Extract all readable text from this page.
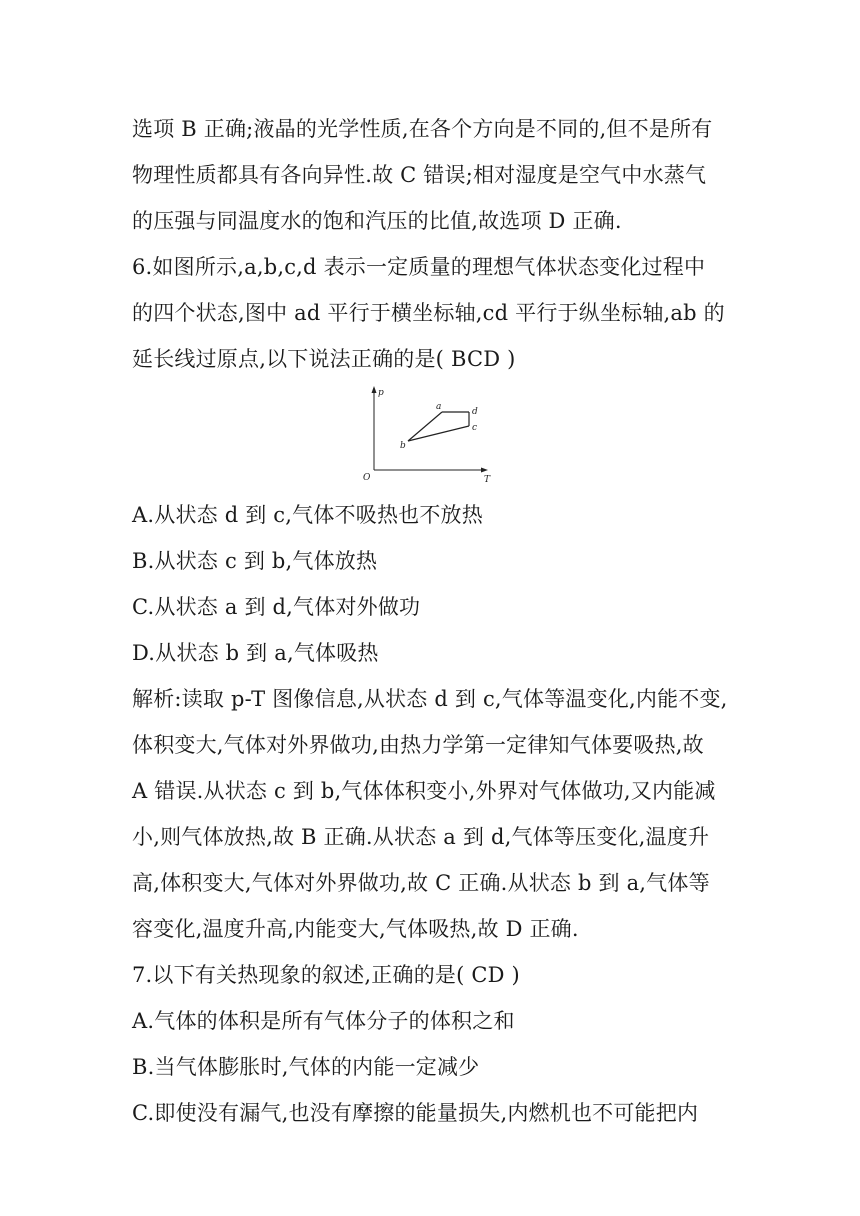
选项 B 正确;液晶的光学性质,在各个方向是不同的,但不是所有
物理性质都具有各向异性.故 C 错误;相对湿度是空气中水蒸气
的压强与同温度水的饱和汽压的比值,故选项 D 正确.
6.如图所示,a,b,c,d 表示一定质量的理想气体状态变化过程中
的四个状态,图中 ad 平行于横坐标轴,cd 平行于纵坐标轴,ab 的
延长线过原点,以下说法正确的是( BCD )
p
T
O
a
b
c
d
A.从状态 d 到 c,气体不吸热也不放热
B.从状态 c 到 b,气体放热
C.从状态 a 到 d,气体对外做功
D.从状态 b 到 a,气体吸热
解析:读取 p-T 图像信息,从状态 d 到 c,气体等温变化,内能不变,
体积变大,气体对外界做功,由热力学第一定律知气体要吸热,故
A 错误.从状态 c 到 b,气体体积变小,外界对气体做功,又内能减
小,则气体放热,故 B 正确.从状态 a 到 d,气体等压变化,温度升
高,体积变大,气体对外界做功,故 C 正确.从状态 b 到 a,气体等
容变化,温度升高,内能变大,气体吸热,故 D 正确.
7.以下有关热现象的叙述,正确的是( CD )
A.气体的体积是所有气体分子的体积之和
B.当气体膨胀时,气体的内能一定减少
C.即使没有漏气,也没有摩擦的能量损失,内燃机也不可能把内
